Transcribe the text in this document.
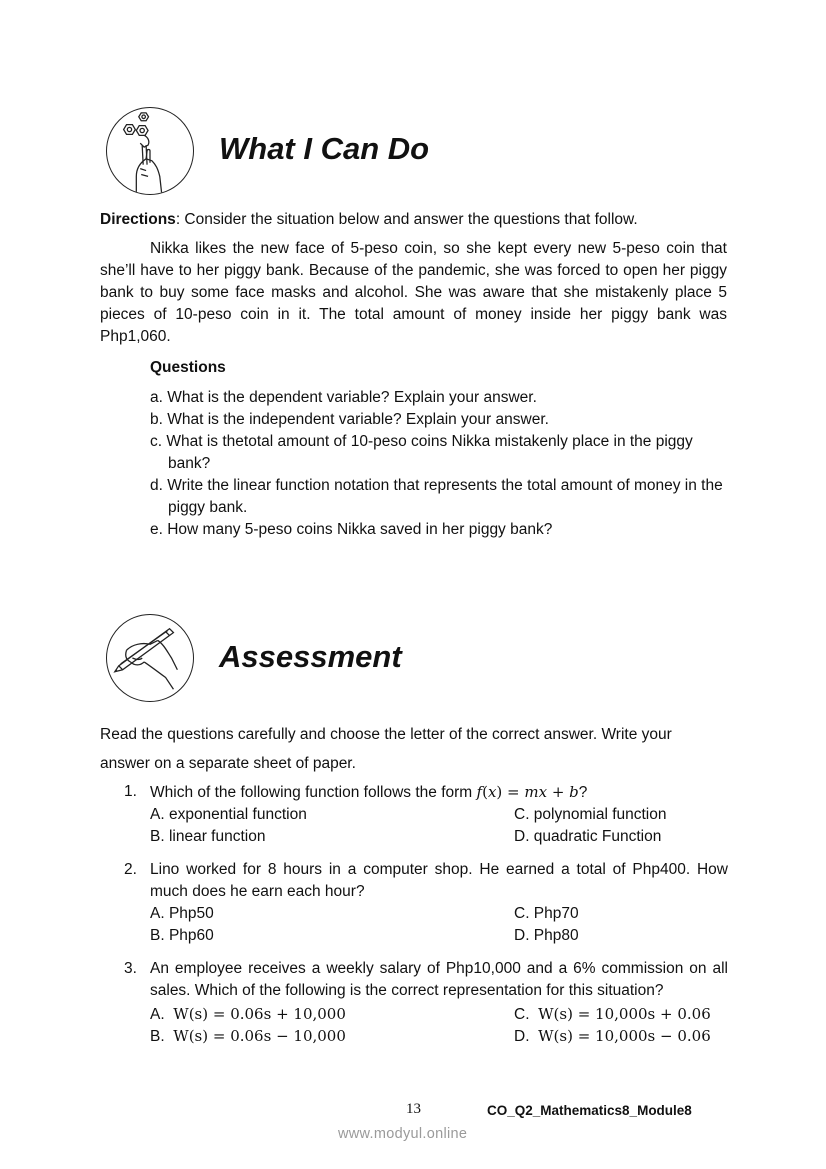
What I Can Do
Directions: Consider the situation below and answer the questions that follow.
Nikka likes the new face of 5-peso coin, so she kept every new 5-peso coin that she’ll have to her piggy bank. Because of the pandemic, she was forced to open her piggy bank to buy some face masks and alcohol. She was aware that she mistakenly place 5 pieces of 10-peso coin in it. The total amount of money inside her piggy bank was Php1,060.
Questions
a. What is the dependent variable? Explain your answer.
b. What is the independent variable? Explain your answer.
c. What is thetotal amount of 10-peso coins Nikka mistakenly place in the piggy bank?
d. Write the linear function notation that represents the total amount of money in the piggy bank.
e. How many 5-peso coins Nikka saved in her piggy bank?
Assessment
Read the questions carefully and choose the letter of the correct answer. Write your
answer on a separate sheet of paper.
1. Which of the following function follows the form f(x) = mx + b?
A. exponential function
B. linear function
C. polynomial function
D. quadratic Function
2. Lino worked for 8 hours in a computer shop. He earned a total of Php400. How much does he earn each hour?
A. Php50
B. Php60
C. Php70
D. Php80
3. An employee receives a weekly salary of Php10,000 and a 6% commission on all sales. Which of the following is the correct representation for this situation?
A. W(s) = 0.06s + 10,000
B. W(s) = 0.06s − 10,000
C. W(s) = 10,000s + 0.06
D. W(s) = 10,000s − 0.06
13	CO_Q2_Mathematics8_Module8
www.modyul.online
